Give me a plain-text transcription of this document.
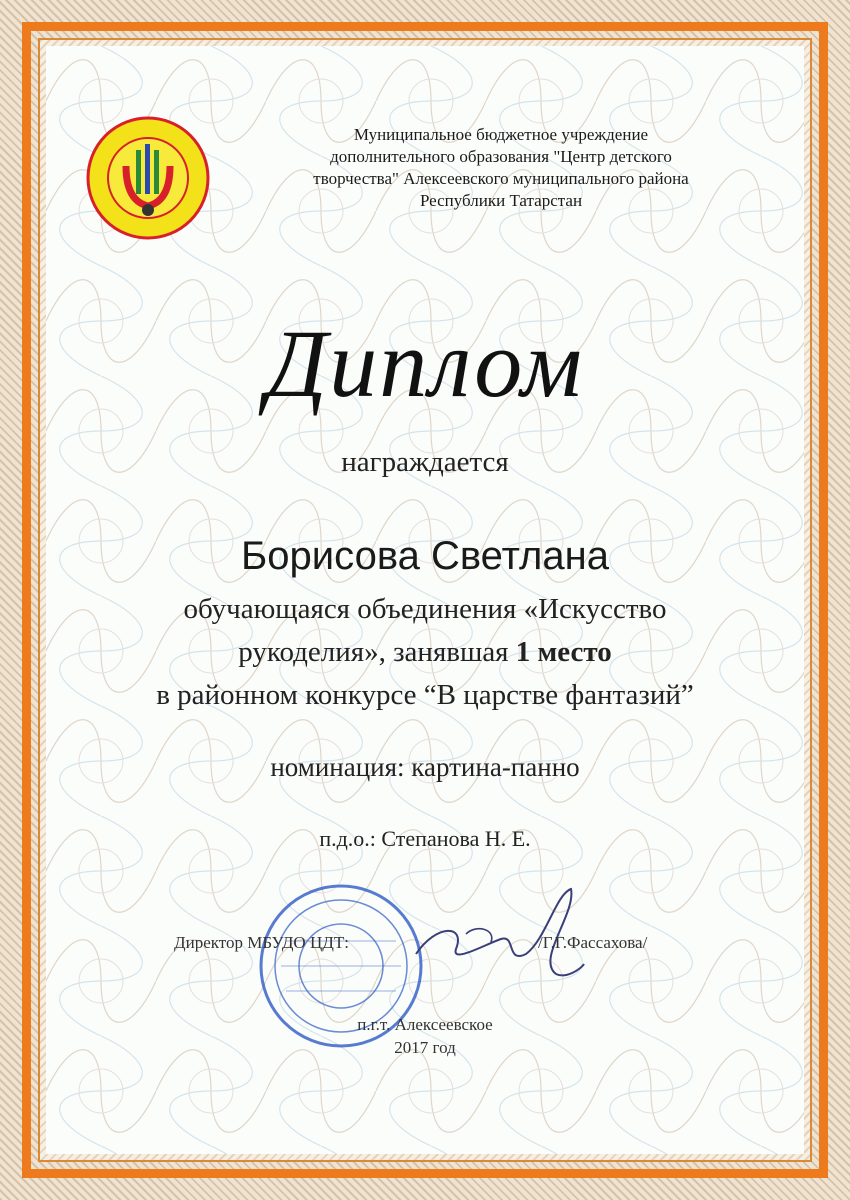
Муниципальное бюджетное учреждение
дополнительного образования "Центр детского
творчества" Алексеевского муниципального района
Республики Татарстан
Диплом
награждается
Борисова Светлана
обучающаяся объединения «Искусство
рукоделия», занявшая 1 место
в районном конкурсе “В царстве фантазий”
номинация: картина-панно
п.д.о.: Степанова Н. Е.
Директор МБУДО ЦДТ:	/Г.Г.Фассахова/
п.г.т. Алексеевское
2017 год
